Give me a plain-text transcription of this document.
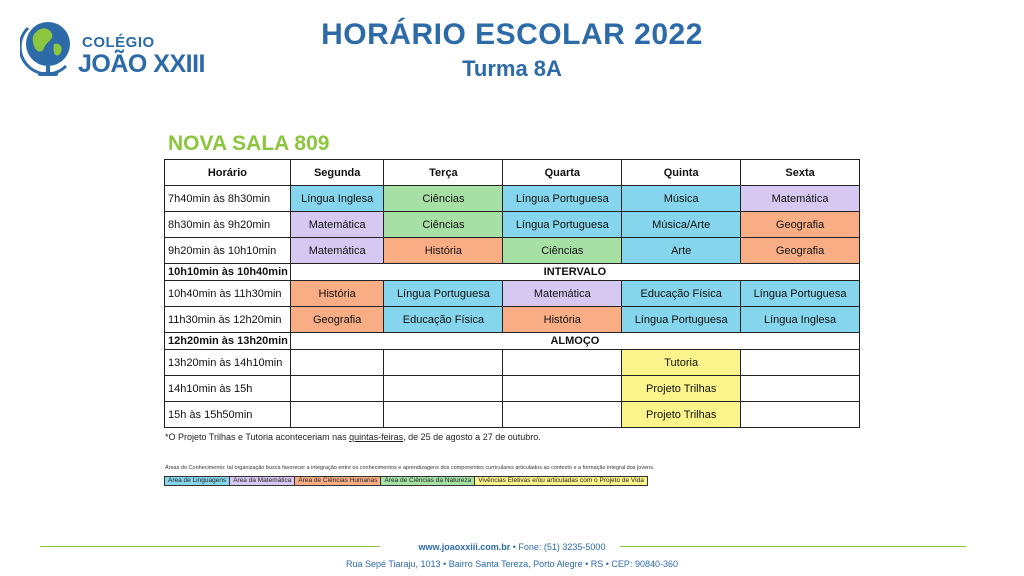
COLÉGIO
JOÃO XXIII
HORÁRIO ESCOLAR 2022
Turma 8A
NOVA SALA 809
Horário	Segunda	Terça	Quarta	Quinta	Sexta
7h40min às 8h30min	Língua Inglesa	Ciências	Língua Portuguesa	Música	Matemática
8h30min às 9h20min	Matemática	Ciências	Língua Portuguesa	Música/Arte	Geografia
9h20min às 10h10min	Matemática	História	Ciências	Arte	Geografia
10h10min às 10h40min	INTERVALO				
10h40min às 11h30min	História	Língua Portuguesa	Matemática	Educação Física	Língua Portuguesa
11h30min às 12h20min	Geografia	Educação Física	História	Língua Portuguesa	Língua Inglesa
12h20min às 13h20min	ALMOÇO				
13h20min às 14h10min				Tutoria	
14h10min às 15h				Projeto Trilhas	
15h às 15h50min				Projeto Trilhas	
*O Projeto Trilhas e Tutoria aconteceriam nas quintas-feiras, de 25 de agosto a 27 de outubro.
Áreas do Conhecimento: tal organização busca favorecer a integração entre os conhecimentos e aprendizagens dos componentes curriculares articulados ao contexto e a formação integral dos jovens.
Área de Linguagens	Área da Matemática	Área de Ciências Humanas	Área de Ciências da Natureza	Vivências Eletivas e/ou articuladas com o Projeto de Vida
www.joaoxxiii.com.br • Fone: (51) 3235-5000
Rua Sepé Tiaraju, 1013 • Bairro Santa Tereza, Porto Alegre • RS • CEP: 90840-360
